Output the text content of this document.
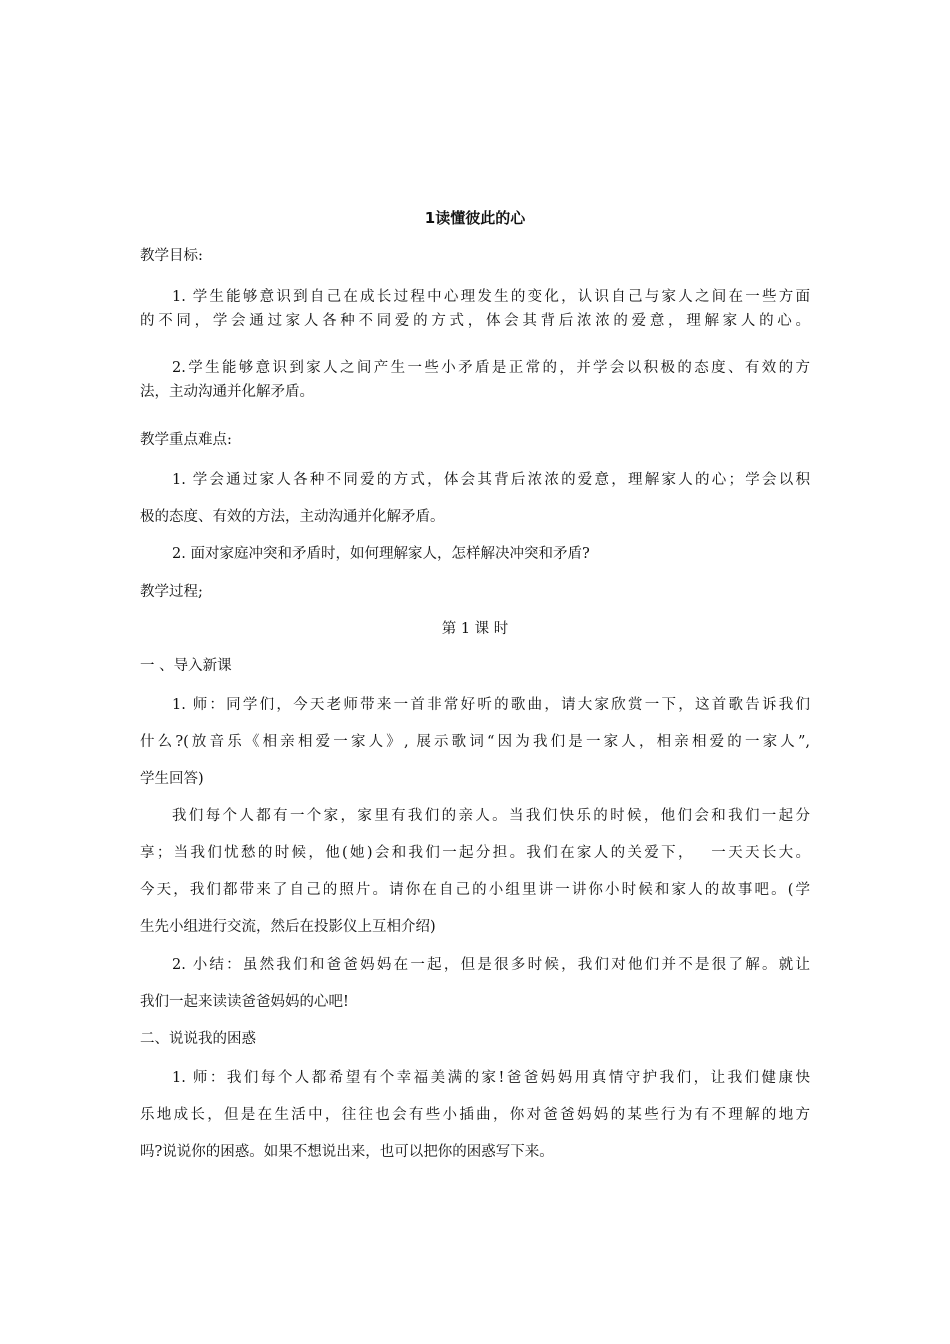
1读懂彼此的心
教学目标:
1. 学生能够意识到自己在成长过程中心理发生的变化，认识自己与家人之间在一些方面
的不同，学会通过家人各种不同爱的方式，体会其背后浓浓的爱意，理解家人的心。
2.学生能够意识到家人之间产生一些小矛盾是正常的，并学会以积极的态度、有效的方
法，主动沟通并化解矛盾。
教学重点难点:
1. 学会通过家人各种不同爱的方式，体会其背后浓浓的爱意，理解家人的心；学会以积
极的态度、有效的方法，主动沟通并化解矛盾。
2. 面对家庭冲突和矛盾时，如何理解家人，怎样解决冲突和矛盾?
教学过程;
第 1 课 时
一 、导入新课
1. 师：同学们，今天老师带来一首非常好听的歌曲，请大家欣赏一下，这首歌告诉我们
什么?(放音乐《相亲相爱一家人》, 展示歌词“因为我们是一家人，相亲相爱的一家人”,
学生回答)
我们每个人都有一个家，家里有我们的亲人。当我们快乐的时候，他们会和我们一起分
享；当我们忧愁的时候，他(她)会和我们一起分担。我们在家人的关爱下，　 一天天长大。
今天，我们都带来了自己的照片。请你在自己的小组里讲一讲你小时候和家人的故事吧。(学
生先小组进行交流，然后在投影仪上互相介绍)
2. 小结：虽然我们和爸爸妈妈在一起，但是很多时候，我们对他们并不是很了解。就让
我们一起来读读爸爸妈妈的心吧!
二、说说我的困惑
1. 师：我们每个人都希望有个幸福美满的家!爸爸妈妈用真情守护我们，让我们健康快
乐地成长，但是在生活中，往往也会有些小插曲，你对爸爸妈妈的某些行为有不理解的地方
吗?说说你的困惑。如果不想说出来，也可以把你的困惑写下来。
